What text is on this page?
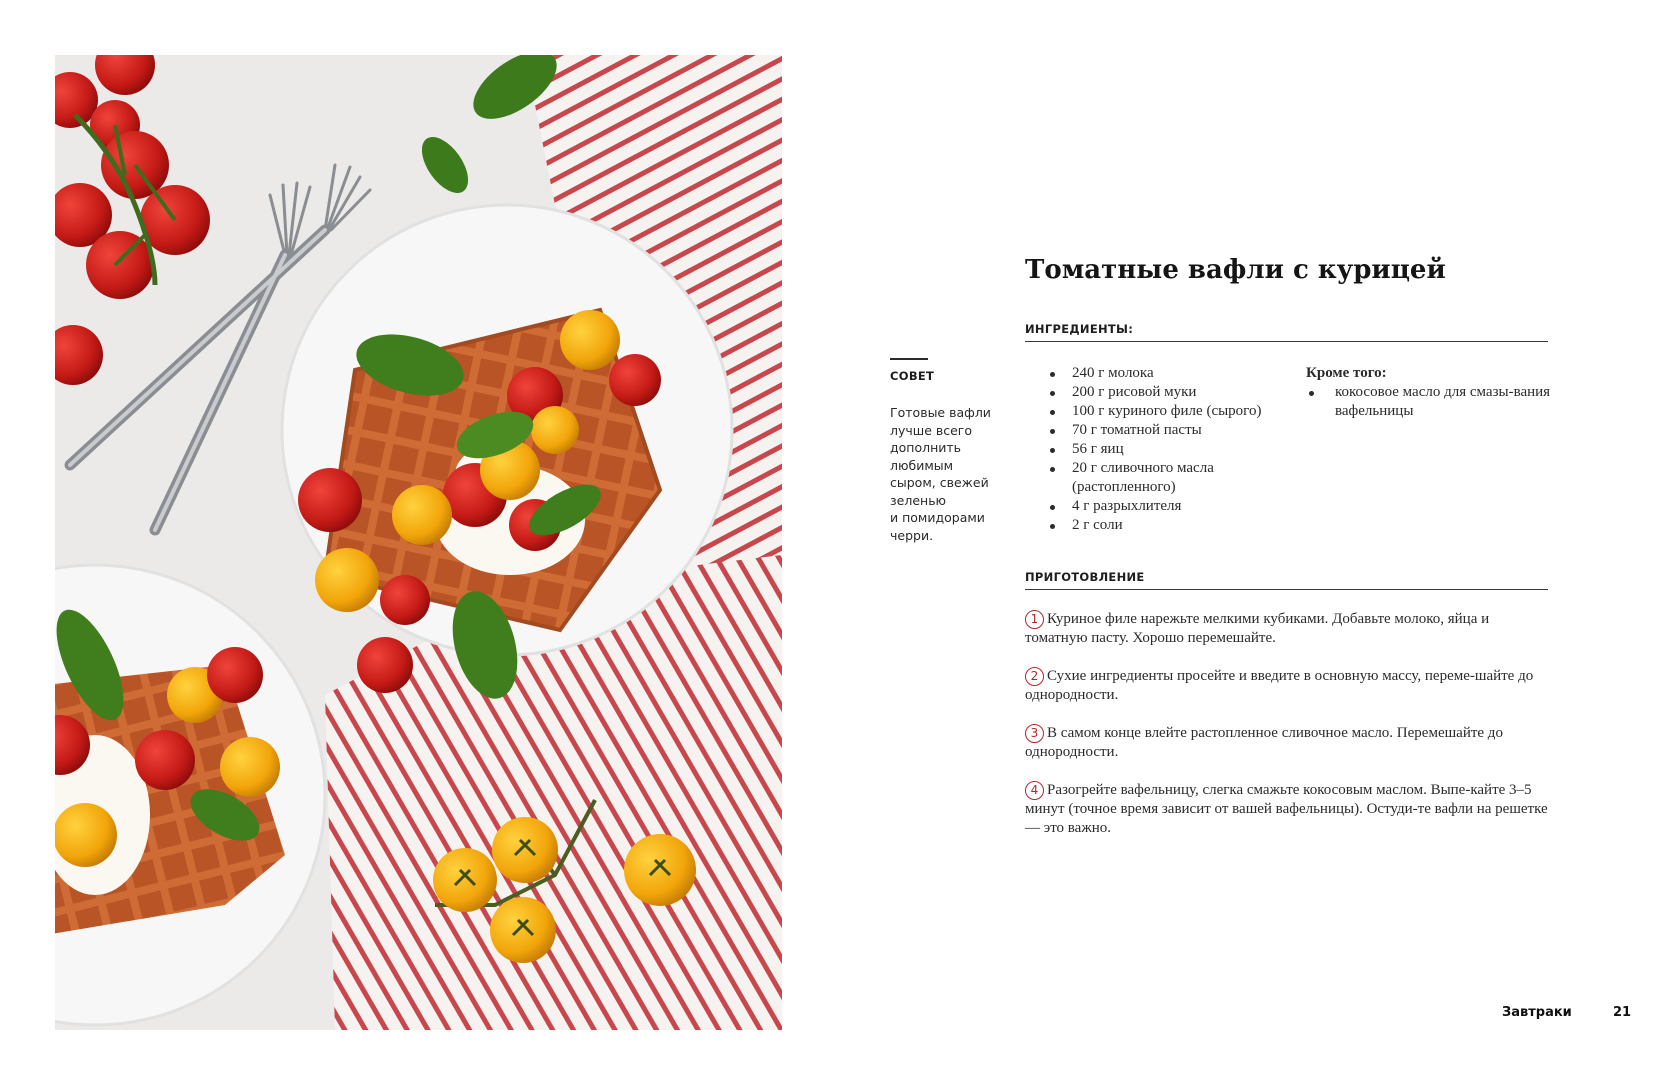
СОВЕТ
Готовые вафли
лучше всего
дополнить
любимым
сыром, свежей
зеленью
и помидорами
черри.
Томатные вафли с курицей
ИНГРЕДИЕНТЫ:
240 г молока
200 г рисовой муки
100 г куриного филе (сырого)
70 г томатной пасты
56 г яиц
20 г сливочного масла (растопленного)
4 г разрыхлителя
2 г соли
Кроме того:
кокосовое масло для смазы-вания вафельницы
ПРИГОТОВЛЕНИЕ
1 Куриное филе нарежьте мелкими кубиками. Добавьте молоко, яйца и томатную пасту. Хорошо перемешайте.
2 Сухие ингредиенты просейте и введите в основную массу, переме-шайте до однородности.
3 В самом конце влейте растопленное сливочное масло. Перемешайте до однородности.
4 Разогрейте вафельницу, слегка смажьте кокосовым маслом. Выпе-кайте 3–5 минут (точное время зависит от вашей вафельницы). Остуди-те вафли на решетке — это важно.
Завтраки	21
